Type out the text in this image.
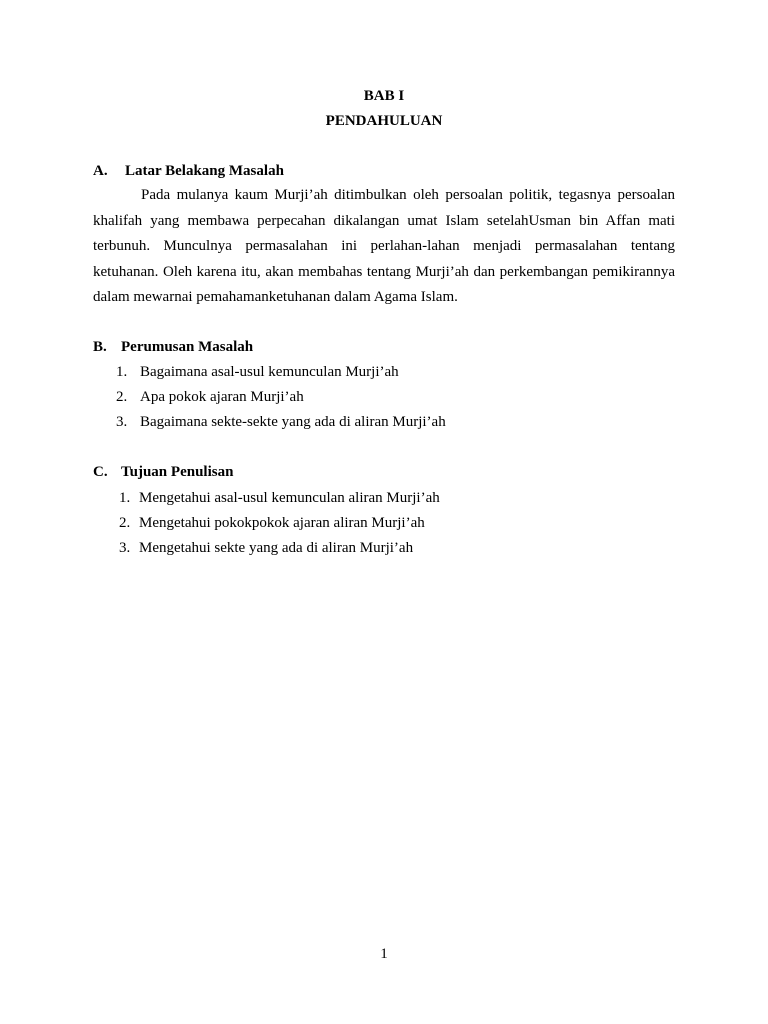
BAB I
PENDAHULUAN
A. Latar Belakang Masalah
Pada mulanya kaum Murji’ah ditimbulkan oleh persoalan politik, tegasnya persoalan khalifah yang membawa perpecahan dikalangan umat Islam setelahUsman bin Affan mati terbunuh. Munculnya permasalahan ini perlahan-lahan menjadi permasalahan tentang ketuhanan. Oleh karena itu, akan membahas tentang Murji’ah dan perkembangan pemikirannya dalam mewarnai pemahamanketuhanan dalam Agama Islam.
B. Perumusan Masalah
1. Bagaimana asal-usul kemunculan Murji’ah
2. Apa pokok ajaran Murji’ah
3. Bagaimana sekte-sekte yang ada di aliran Murji’ah
C. Tujuan Penulisan
1. Mengetahui asal-usul kemunculan aliran Murji’ah
2. Mengetahui pokokpokok ajaran aliran Murji’ah
3. Mengetahui sekte yang ada di aliran Murji’ah
1
